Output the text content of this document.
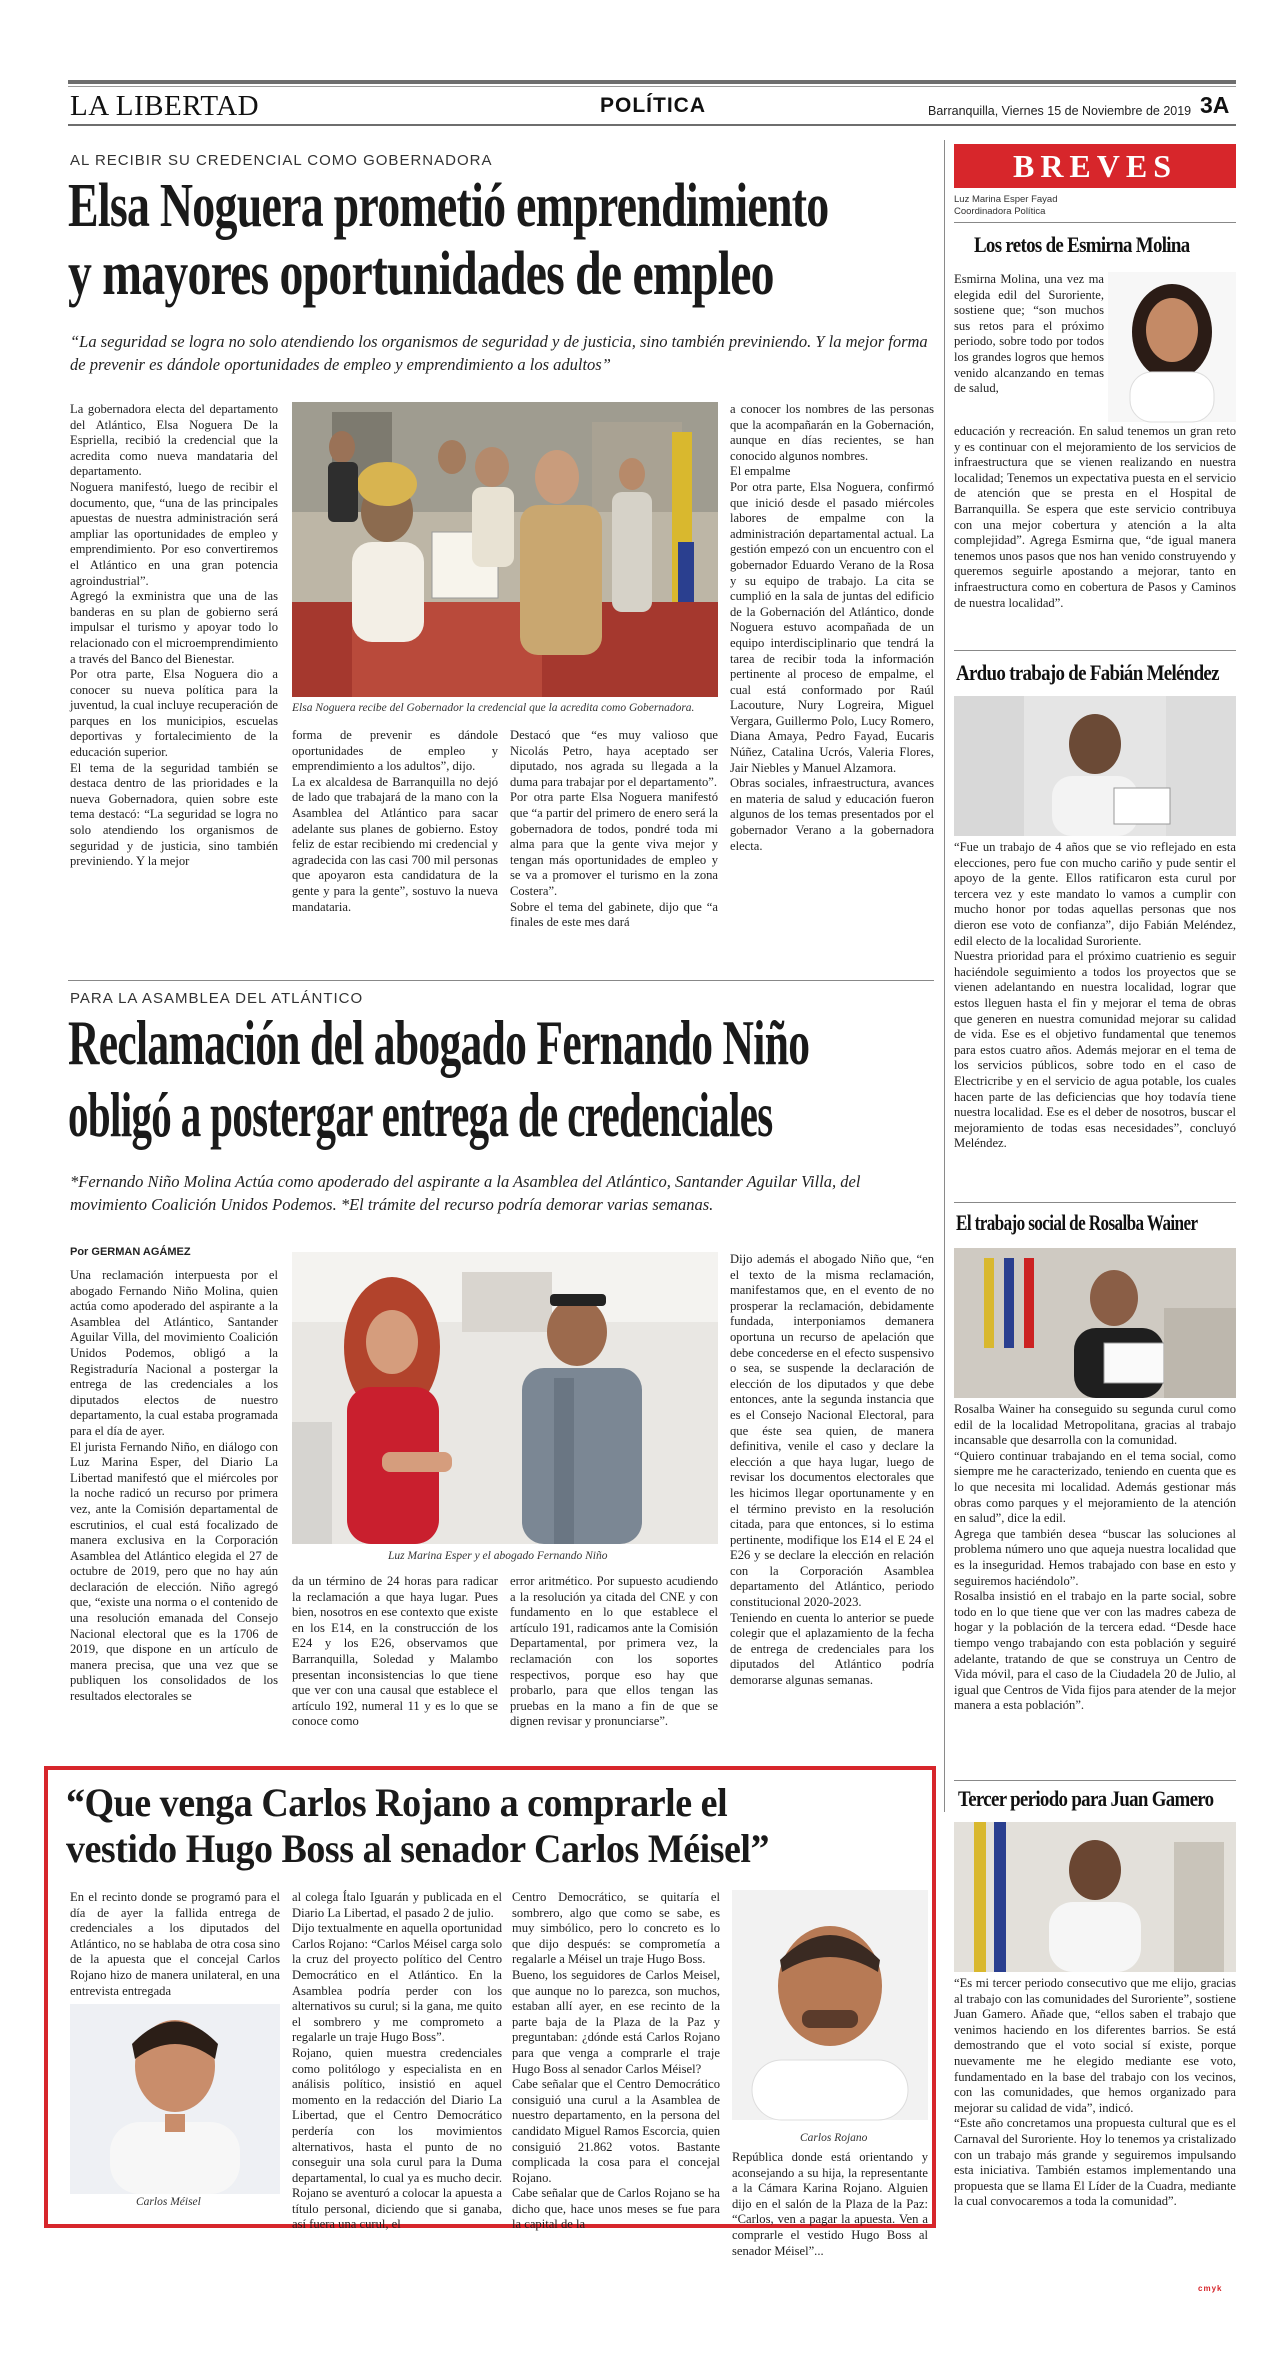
LA LIBERTAD	POLÍTICA	Barranquilla, Viernes 15 de Noviembre de 2019 3A
AL RECIBIR SU CREDENCIAL COMO GOBERNADORA
Elsa Noguera prometió emprendimiento
y mayores oportunidades de empleo
“La seguridad se logra no solo atendiendo los organismos de seguridad y de justicia, sino también previniendo. Y la mejor forma de prevenir es dándole oportunidades de empleo y emprendimiento a los adultos”
La gobernadora electa del departamento del Atlántico, Elsa Noguera De la Espriella, recibió la credencial que la acredita como nueva mandataria del departamento.
Noguera manifestó, luego de recibir el documento, que, “una de las principales apuestas de nuestra administración será ampliar las oportunidades de empleo y emprendimiento. Por eso convertiremos el Atlántico en una gran potencia agroindustrial”.
Agregó la exministra que una de las banderas en su plan de gobierno será impulsar el turismo y apoyar todo lo relacionado con el microemprendimiento a través del Banco del Bienestar.
Por otra parte, Elsa Noguera dio a conocer su nueva política para la juventud, la cual incluye recuperación de parques en los municipios, escuelas deportivas y fortalecimiento de la educación superior.
El tema de la seguridad también se destaca dentro de las prioridades e la nueva Gobernadora, quien sobre este tema destacó: “La seguridad se logra no solo atendiendo los organismos de seguridad y de justicia, sino también previniendo. Y la mejor
Elsa Noguera recibe del Gobernador la credencial que la acredita como Gobernadora.
forma de prevenir es dándole oportunidades de empleo y emprendimiento a los adultos”, dijo.
La ex alcaldesa de Barranquilla no dejó de lado que trabajará de la mano con la Asamblea del Atlántico para sacar adelante sus planes de gobierno. Estoy feliz de estar recibiendo mi credencial y agradecida con las casi 700 mil personas que apoyaron esta candidatura de la gente y para la gente”, sostuvo la nueva mandataria.
Destacó que “es muy valioso que Nicolás Petro, haya aceptado ser diputado, nos agrada su llegada a la duma para trabajar por el departamento”.
Por otra parte Elsa Noguera manifestó que “a partir del primero de enero será la gobernadora de todos, pondré toda mi alma para que la gente viva mejor y tengan más oportunidades de empleo y se va a promover el turismo en la zona Costera”.
Sobre el tema del gabinete, dijo que “a finales de este mes dará
a conocer los nombres de las personas que la acompañarán en la Gobernación, aunque en días recientes, se han conocido algunos nombres.
El empalme
Por otra parte, Elsa Noguera, confirmó que inició desde el pasado miércoles labores de empalme con la administración departamental actual. La gestión empezó con un encuentro con el gobernador Eduardo Verano de la Rosa y su equipo de trabajo. La cita se cumplió en la sala de juntas del edificio de la Gobernación del Atlántico, donde Noguera estuvo acompañada de un equipo interdisciplinario que tendrá la tarea de recibir toda la información pertinente al proceso de empalme, el cual está conformado por Raúl Lacouture, Nury Logreira, Miguel Vergara, Guillermo Polo, Lucy Romero, Diana Amaya, Pedro Fayad, Eucaris Núñez, Catalina Ucrós, Valeria Flores, Jair Niebles y Manuel Alzamora.
Obras sociales, infraestructura, avances en materia de salud y educación fueron algunos de los temas presentados por el gobernador Verano a la gobernadora electa.
PARA LA ASAMBLEA DEL ATLÁNTICO
Reclamación del abogado Fernando Niño
obligó a postergar entrega de credenciales
*Fernando Niño Molina Actúa como apoderado del aspirante a la Asamblea del Atlántico, Santander Aguilar Villa, del movimiento Coalición Unidos Podemos. *El trámite del recurso podría demorar varias semanas.
Por GERMAN AGÁMEZ
Una reclamación interpuesta por el abogado Fernando Niño Molina, quien actúa como apoderado del aspirante a la Asamblea del Atlántico, Santander Aguilar Villa, del movimiento Coalición Unidos Podemos, obligó a la Registraduría Nacional a postergar la entrega de las credenciales a los diputados electos de nuestro departamento, la cual estaba programada para el día de ayer.
El jurista Fernando Niño, en diálogo con Luz Marina Esper, del Diario La Libertad manifestó que el miércoles por la noche radicó un recurso por primera vez, ante la Comisión departamental de escrutinios, el cual está focalizado de manera exclusiva en la Corporación Asamblea del Atlántico elegida el 27 de octubre de 2019, pero que no hay aún declaración de elección. Niño agregó que, “existe una norma o el contenido de una resolución emanada del Consejo Nacional electoral que es la 1706 de 2019, que dispone en un artículo de manera precisa, que una vez que se publiquen los consolidados de los resultados electorales se
Luz Marina Esper y el abogado Fernando Niño
da un término de 24 horas para radicar la reclamación a que haya lugar. Pues bien, nosotros en ese contexto que existe en los E14, en la construcción de los E24 y los E26, observamos que Barranquilla, Soledad y Malambo presentan inconsistencias lo que tiene que ver con una causal que establece el artículo 192, numeral 11 y es lo que se conoce como
error aritmético. Por supuesto acudiendo a la resolución ya citada del CNE y con fundamento en lo que establece el artículo 191, radicamos ante la Comisión Departamental, por primera vez, la reclamación con los soportes respectivos, porque eso hay que probarlo, para que ellos tengan las pruebas en la mano a fin de que se dignen revisar y pronunciarse”.
Dijo además el abogado Niño que, “en el texto de la misma reclamación, manifestamos que, en el evento de no prosperar la reclamación, debidamente fundada, interponiamos demanera oportuna un recurso de apelación que debe concederse en el efecto suspensivo o sea, se suspende la declaración de elección de los diputados y que debe entonces, ante la segunda instancia que es el Consejo Nacional Electoral, para que éste sea quien, de manera definitiva, venile el caso y declare la elección a que haya lugar, luego de revisar los documentos electorales que les hicimos llegar oportunamente y en el término previsto en la resolución citada, para que entonces, si lo estima pertinente, modifique los E14 el E 24 el E26 y se declare la elección en relación con la Corporación Asamblea departamento del Atlántico, periodo constitucional 2020-2023.
Teniendo en cuenta lo anterior se puede colegir que el aplazamiento de la fecha de entrega de credenciales para los diputados del Atlántico podría demorarse algunas semanas.
“Que venga Carlos Rojano a comprarle el
vestido Hugo Boss al senador Carlos Méisel”
En el recinto donde se programó para el día de ayer la fallida entrega de credenciales a los diputados del Atlántico, no se hablaba de otra cosa sino de la apuesta que el concejal Carlos Rojano hizo de manera unilateral, en una entrevista entregada
Carlos Méisel
al colega Ítalo Iguarán y publicada en el Diario La Libertad, el pasado 2 de julio.
Dijo textualmente en aquella oportunidad Carlos Rojano: “Carlos Méisel carga solo la cruz del proyecto político del Centro Democrático en el Atlántico. En la Asamblea podría perder con los alternativos su curul; si la gana, me quito el sombrero y me comprometo a regalarle un traje Hugo Boss”.
Rojano, quien muestra credenciales como politólogo y especialista en en análisis político, insistió en aquel momento en la redacción del Diario La Libertad, que el Centro Democrático perdería con los movimientos alternativos, hasta el punto de no conseguir una sola curul para la Duma departamental, lo cual ya es mucho decir. Rojano se aventuró a colocar la apuesta a título personal, diciendo que si ganaba, así fuera una curul, el
Centro Democrático, se quitaría el sombrero, algo que como se sabe, es muy simbólico, pero lo concreto es lo que dijo después: se comprometía a regalarle a Méisel un traje Hugo Boss.
Bueno, los seguidores de Carlos Meisel, que aunque no lo parezca, son muchos, estaban allí ayer, en ese recinto de la parte baja de la Plaza de la Paz y preguntaban: ¿dónde está Carlos Rojano para que venga a comprarle el traje Hugo Boss al senador Carlos Méisel?
Cabe señalar que el Centro Democrático consiguió una curul a la Asamblea de nuestro departamento, en la persona del candidato Miguel Ramos Escorcia, quien consiguió 21.862 votos. Bastante complicada la cosa para el concejal Rojano.
Cabe señalar que de Carlos Rojano se ha dicho que, hace unos meses se fue para la capital de la
Carlos Rojano
República donde está orientando y aconsejando a su hija, la representante a la Cámara Karina Rojano. Alguien dijo en el salón de la Plaza de la Paz: “Carlos, ven a pagar la apuesta. Ven a comprarle el vestido Hugo Boss al senador Méisel”...
BREVES
Luz Marina Esper Fayad
Coordinadora Política
Los retos de Esmirna Molina
Esmirna Molina, una vez ma elegida edil del Suroriente, sostiene que; “son muchos sus retos para el próximo periodo, sobre todo por todos los grandes logros que hemos venido alcanzando en temas de salud,
educación y recreación. En salud tenemos un gran reto y es continuar con el mejoramiento de los servicios de infraestructura que se vienen realizando en nuestra localidad; Tenemos un expectativa puesta en el servicio de atención que se presta en el Hospital de Barranquilla. Se espera que este servicio contribuya con una mejor cobertura y atención a la alta complejidad”. Agrega Esmirna que, “de igual manera tenemos unos pasos que nos han venido construyendo y queremos seguirle apostando a mejorar, tanto en infraestructura como en cobertura de Pasos y Caminos de nuestra localidad”.
Arduo trabajo de Fabián Meléndez
“Fue un trabajo de 4 años que se vio reflejado en esta elecciones, pero fue con mucho cariño y pude sentir el apoyo de la gente. Ellos ratificaron esta curul por tercera vez y este mandato lo vamos a cumplir con mucho honor por todas aquellas personas que nos dieron ese voto de confianza”, dijo Fabián Meléndez, edil electo de la localidad Suroriente.
Nuestra prioridad para el próximo cuatrienio es seguir haciéndole seguimiento a todos los proyectos que se vienen adelantando en nuestra localidad, lograr que estos lleguen hasta el fin y mejorar el tema de obras que generen en nuestra comunidad mejorar su calidad de vida. Ese es el objetivo fundamental que tenemos para estos cuatro años. Además mejorar en el tema de los servicios públicos, sobre todo en el caso de Electricribe y en el servicio de agua potable, los cuales hacen parte de las deficiencias que hoy todavía tiene nuestra localidad. Ese es el deber de nosotros, buscar el mejoramiento de todas esas necesidades”, concluyó Meléndez.
El trabajo social de Rosalba Wainer
Rosalba Wainer ha conseguido su segunda curul como edil de la localidad Metropolitana, gracias al trabajo incansable que desarrolla con la comunidad.
“Quiero continuar trabajando en el tema social, como siempre me he caracterizado, teniendo en cuenta que es lo que necesita mi localidad. Además gestionar más obras como parques y el mejoramiento de la atención en salud”, dice la edil.
Agrega que también desea “buscar las soluciones al problema número uno que aqueja nuestra localidad que es la inseguridad. Hemos trabajado con base en esto y seguiremos haciéndolo”.
Rosalba insistió en el trabajo en la parte social, sobre todo en lo que tiene que ver con las madres cabeza de hogar y la población de la tercera edad. “Desde hace tiempo vengo trabajando con esta población y seguiré adelante, tratando de que se construya un Centro de Vida móvil, para el caso de la Ciudadela 20 de Julio, al igual que Centros de Vida fijos para atender de la mejor manera a esta población”.
Tercer periodo para Juan Gamero
“Es mi tercer periodo consecutivo que me elijo, gracias al trabajo con las comunidades del Suroriente”, sostiene Juan Gamero. Añade que, “ellos saben el trabajo que venimos haciendo en los diferentes barrios. Se está demostrando que el voto social sí existe, porque nuevamente me he elegido mediante ese voto, fundamentado en la base del trabajo con los vecinos, con las comunidades, que hemos organizado para mejorar su calidad de vida”, indicó.
“Este año concretamos una propuesta cultural que es el Carnaval del Suroriente. Hoy lo tenemos ya cristalizado con un trabajo más grande y seguiremos impulsando esta iniciativa. También estamos implementando una propuesta que se llama El Líder de la Cuadra, mediante la cual convocaremos a toda la comunidad”.
cmyk
